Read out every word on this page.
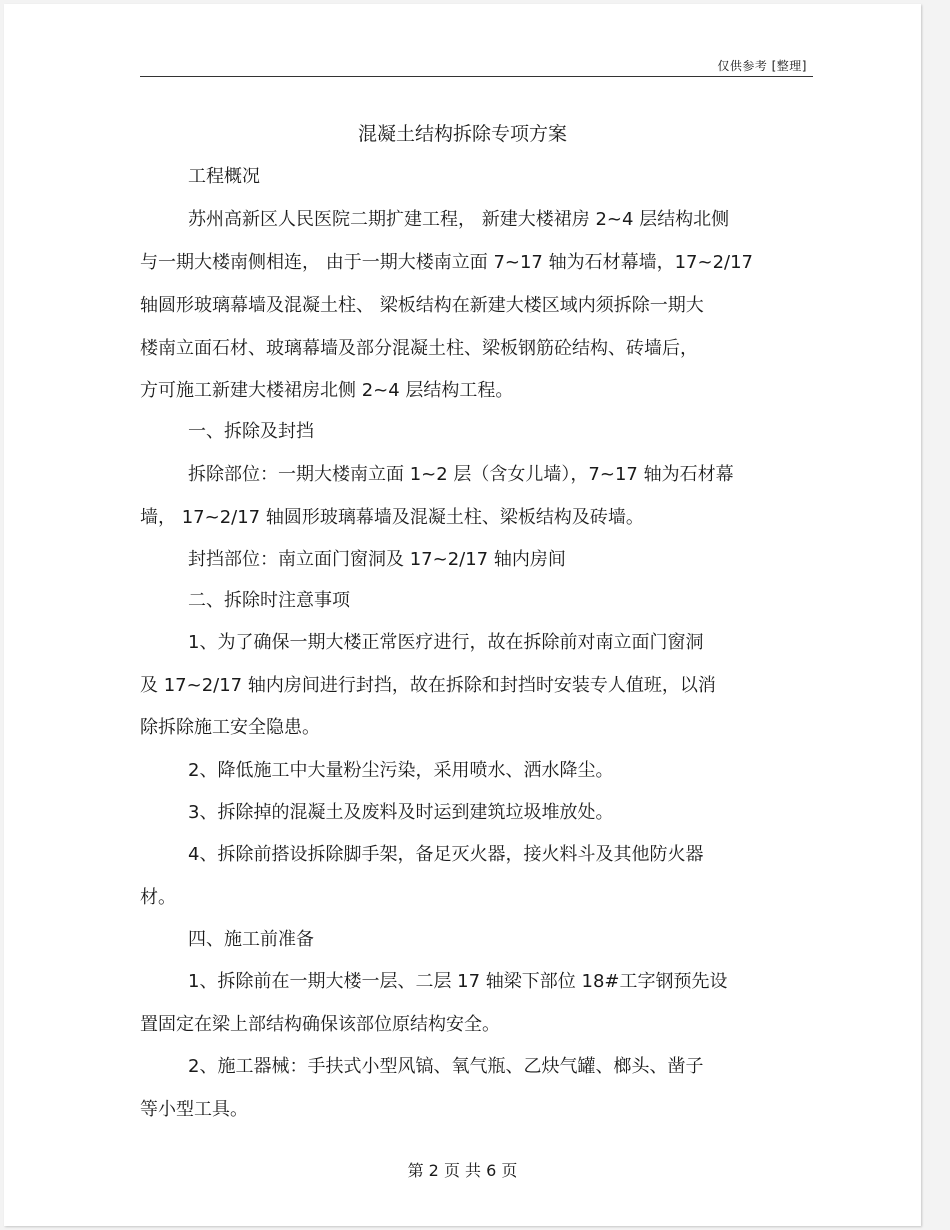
仅供参考 [整理]
混凝土结构拆除专项方案
工程概况
苏州高新区人民医院二期扩建工程， 新建大楼裙房 2~4 层结构北侧
与一期大楼南侧相连， 由于一期大楼南立面 7~17 轴为石材幕墙，17~2/17
轴圆形玻璃幕墙及混凝土柱、 梁板结构在新建大楼区域内须拆除一期大
楼南立面石材、玻璃幕墙及部分混凝土柱、梁板钢筋砼结构、砖墙后，
方可施工新建大楼裙房北侧 2~4 层结构工程。
一、拆除及封挡
拆除部位：一期大楼南立面 1~2 层（含女儿墙），7~17 轴为石材幕
墙， 17~2/17 轴圆形玻璃幕墙及混凝土柱、梁板结构及砖墙。
封挡部位：南立面门窗洞及 17~2/17 轴内房间
二、拆除时注意事项
1、为了确保一期大楼正常医疗进行，故在拆除前对南立面门窗洞
及 17~2/17 轴内房间进行封挡，故在拆除和封挡时安装专人值班，以消
除拆除施工安全隐患。
2、降低施工中大量粉尘污染，采用喷水、洒水降尘。
3、拆除掉的混凝土及废料及时运到建筑垃圾堆放处。
4、拆除前搭设拆除脚手架，备足灭火器，接火料斗及其他防火器
材。
四、施工前准备
1、拆除前在一期大楼一层、二层 17 轴梁下部位 18#工字钢预先设
置固定在梁上部结构确保该部位原结构安全。
2、施工器械：手扶式小型风镐、氧气瓶、乙炔气罐、榔头、凿子
等小型工具。
第 2 页 共 6 页
